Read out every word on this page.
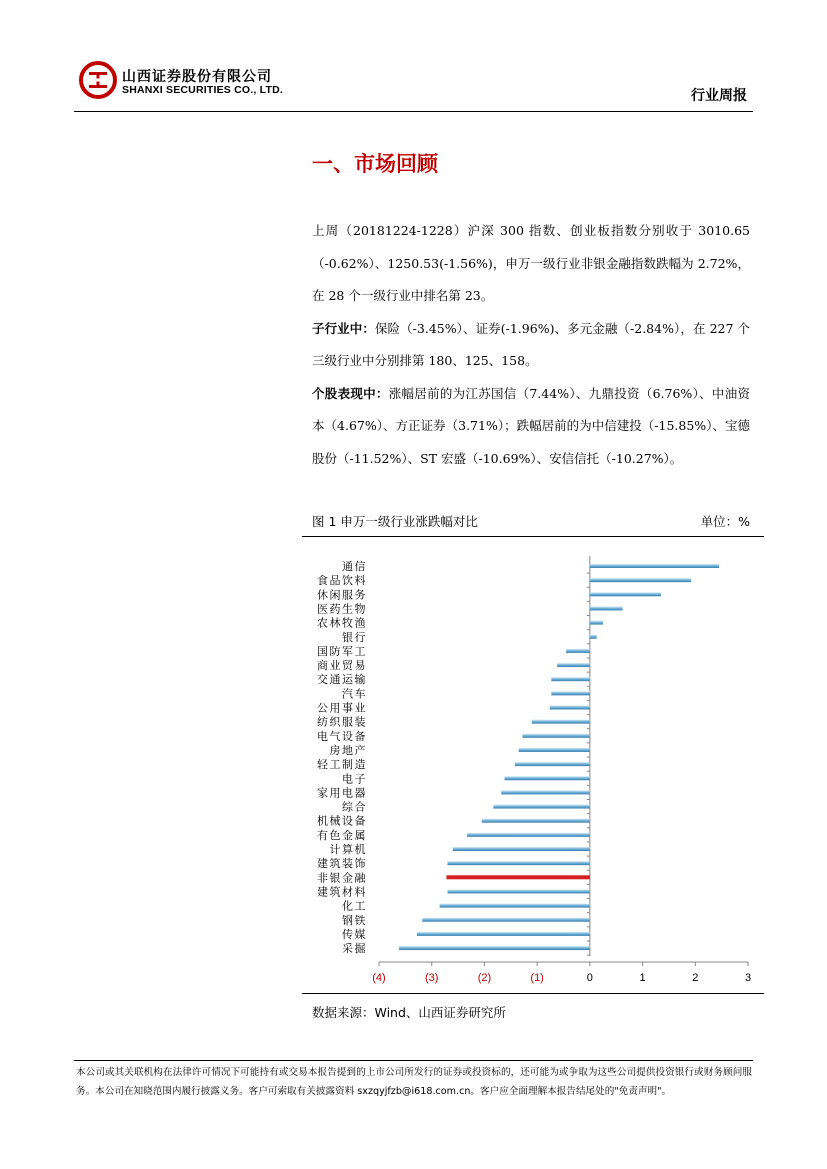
山西证券股份有限公司
SHANXI SECURITIES CO., LTD.	行业周报
一、市场回顾

上周（20181224-1228）沪深 300 指数、创业板指数分别收于 3010.65（-0.62%）、1250.53(-1.56%)，申万一级行业非银金融指数跌幅为 2.72%，在 28 个一级行业中排名第 23。

子行业中：保险（-3.45%）、证券(-1.96%)、多元金融（-2.84%），在 227 个三级行业中分别排第 180、125、158。

个股表现中：涨幅居前的为江苏国信（7.44%）、九鼎投资（6.76%）、中油资本（4.67%）、方正证券（3.71%）；跌幅居前的为中信建投（-15.85%）、宝德股份（-11.52%）、ST 宏盛（-10.69%）、安信信托（-10.27%）。

图 1 申万一级行业涨跌幅对比	单位：%
通信
食品饮料
休闲服务
医药生物
农林牧渔
银行
国防军工
商业贸易
交通运输
汽车
公用事业
纺织服装
电气设备
房地产
轻工制造
电子
家用电器
综合
机械设备
有色金属
计算机
建筑装饰
非银金融
建筑材料
化工
钢铁
传媒
采掘
(4)	(3)	(2)	(1)	0	1	2	3
数据来源：Wind、山西证券研究所
本公司或其关联机构在法律许可情况下可能持有或交易本报告提到的上市公司所发行的证券或投资标的，还可能为或争取为这些公司提供投资银行或财务顾问服务。本公司在知晓范围内履行披露义务。客户可索取有关披露资料 sxzqyjfzb@i618.com.cn。客户应全面理解本报告结尾处的"免责声明"。
